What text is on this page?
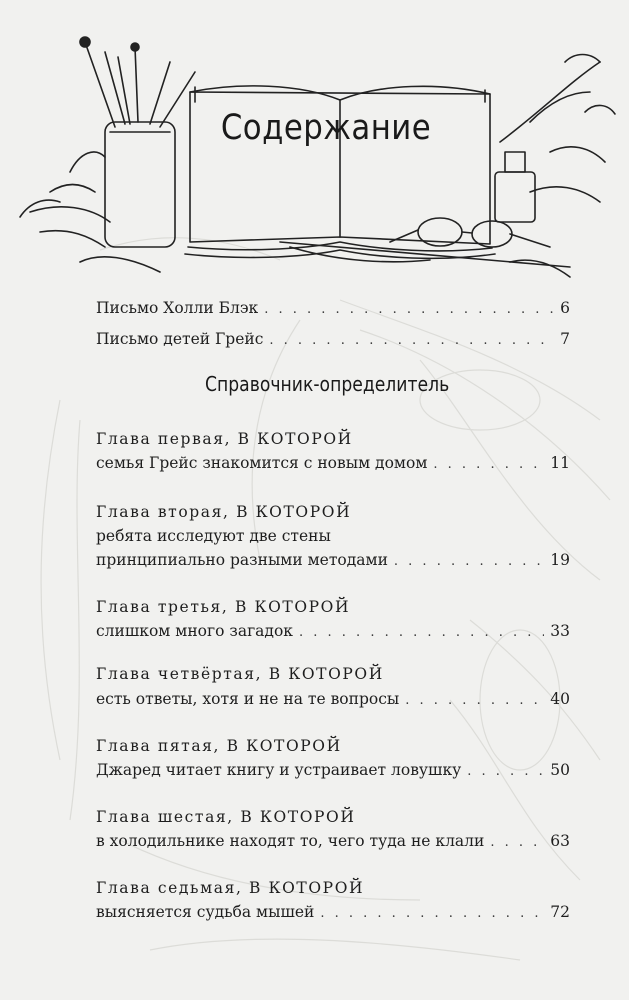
Содержание
Письмо Холли Блэк . . .	6
Письмо детей Грейс . . .	7
Справочник-определитель
Глава первая, В КОТОРОЙ
семья Грейс знакомится с новым домом . . .	11
Глава вторая, В КОТОРОЙ
ребята исследуют две стены
принципиально разными методами . . .	19
Глава третья, В КОТОРОЙ
слишком много загадок . . .	33
Глава четвёртая, В КОТОРОЙ
есть ответы, хотя и не на те вопросы . . .	40
Глава пятая, В КОТОРОЙ
Джаред читает книгу и устраивает ловушку . . .	50
Глава шестая, В КОТОРОЙ
в холодильнике находят то, чего туда не клали . . .	63
Глава седьмая, В КОТОРОЙ
выясняется судьба мышей . . .	72
